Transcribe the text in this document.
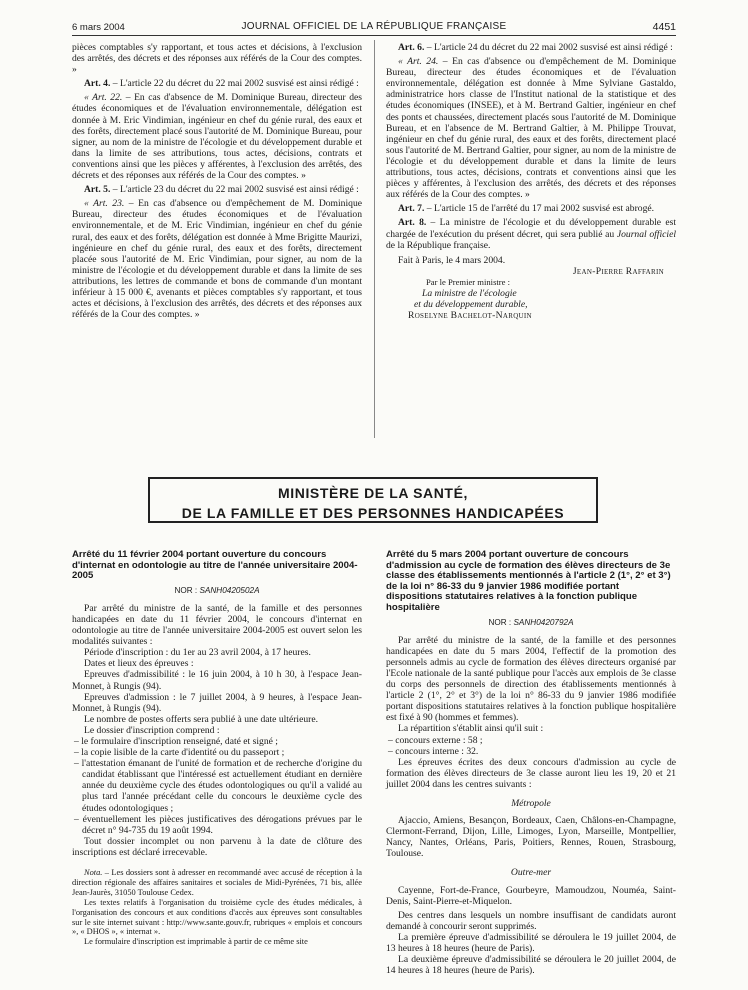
6 mars 2004	JOURNAL OFFICIEL DE LA RÉPUBLIQUE FRANÇAISE	4451

pièces comptables s'y rapportant, et tous actes et décisions, à l'exclusion des arrêtés, des décrets et des réponses aux référés de la Cour des comptes. »

Art. 4. – L'article 22 du décret du 22 mai 2002 susvisé est ainsi rédigé :

« Art. 22. – En cas d'absence de M. Dominique Bureau, directeur des études économiques et de l'évaluation environnementale, délégation est donnée à M. Eric Vindimian, ingénieur en chef du génie rural, des eaux et des forêts, directement placé sous l'autorité de M. Dominique Bureau, pour signer, au nom de la ministre de l'écologie et du développement durable et dans la limite de ses attributions, tous actes, décisions, contrats et conventions ainsi que les pièces y afférentes, à l'exclusion des arrêtés, des décrets et des réponses aux référés de la Cour des comptes. »

Art. 5. – L'article 23 du décret du 22 mai 2002 susvisé est ainsi rédigé :

« Art. 23. – En cas d'absence ou d'empêchement de M. Dominique Bureau, directeur des études économiques et de l'évaluation environnementale, et de M. Eric Vindimian, ingénieur en chef du génie rural, des eaux et des forêts, délégation est donnée à Mme Brigitte Maurizi, ingénieure en chef du génie rural, des eaux et des forêts, directement placée sous l'autorité de M. Eric Vindimian, pour signer, au nom de la ministre de l'écologie et du développement durable et dans la limite de ses attributions, les lettres de commande et bons de commande d'un montant inférieur à 15 000 €, avenants et pièces comptables s'y rapportant, et tous actes et décisions, à l'exclusion des arrêtés, des décrets et des réponses aux référés de la Cour des comptes. »

Art. 6. – L'article 24 du décret du 22 mai 2002 susvisé est ainsi rédigé :

« Art. 24. – En cas d'absence ou d'empêchement de M. Dominique Bureau, directeur des études économiques et de l'évaluation environnementale, délégation est donnée à Mme Sylviane Gastaldo, administratrice hors classe de l'Institut national de la statistique et des études économiques (INSEE), et à M. Bertrand Galtier, ingénieur en chef des ponts et chaussées, directement placés sous l'autorité de M. Dominique Bureau, et en l'absence de M. Bertrand Galtier, à M. Philippe Trouvat, ingénieur en chef du génie rural, des eaux et des forêts, directement placé sous l'autorité de M. Bertrand Galtier, pour signer, au nom de la ministre de l'écologie et du développement durable et dans la limite de leurs attributions, tous actes, décisions, contrats et conventions ainsi que les pièces y afférentes, à l'exclusion des arrêtés, des décrets et des réponses aux référés de la Cour des comptes. »

Art. 7. – L'article 15 de l'arrêté du 17 mai 2002 susvisé est abrogé.

Art. 8. – La ministre de l'écologie et du développement durable est chargée de l'exécution du présent décret, qui sera publié au Journal officiel de la République française.

Fait à Paris, le 4 mars 2004.

Jean-Pierre Raffarin

Par le Premier ministre :

La ministre de l'écologie

et du développement durable,

Roselyne Bachelot-Narquin

MINISTÈRE DE LA SANTÉ,
DE LA FAMILLE ET DES PERSONNES HANDICAPÉES

Arrêté du 11 février 2004 portant ouverture du concours d'internat en odontologie au titre de l'année universitaire 2004-2005

NOR : SANH0420502A

Par arrêté du ministre de la santé, de la famille et des personnes handicapées en date du 11 février 2004, le concours d'internat en odontologie au titre de l'année universitaire 2004-2005 est ouvert selon les modalités suivantes :

Période d'inscription : du 1er au 23 avril 2004, à 17 heures.

Dates et lieux des épreuves :

Epreuves d'admissibilité : le 16 juin 2004, à 10 h 30, à l'espace Jean-Monnet, à Rungis (94).

Epreuves d'admission : le 7 juillet 2004, à 9 heures, à l'espace Jean-Monnet, à Rungis (94).

Le nombre de postes offerts sera publié à une date ultérieure.

Le dossier d'inscription comprend :

– le formulaire d'inscription renseigné, daté et signé ;

– la copie lisible de la carte d'identité ou du passeport ;

– l'attestation émanant de l'unité de formation et de recherche d'origine du candidat établissant que l'intéressé est actuellement étudiant en dernière année du deuxième cycle des études odontologiques ou qu'il a validé au plus tard l'année précédant celle du concours le deuxième cycle des études odontologiques ;

– éventuellement les pièces justificatives des dérogations prévues par le décret n° 94-735 du 19 août 1994.

Tout dossier incomplet ou non parvenu à la date de clôture des inscriptions est déclaré irrecevable.

Nota. – Les dossiers sont à adresser en recommandé avec accusé de réception à la direction régionale des affaires sanitaires et sociales de Midi-Pyrénées, 71 bis, allée Jean-Jaurès, 31050 Toulouse Cedex.

Les textes relatifs à l'organisation du troisième cycle des études médicales, à l'organisation des concours et aux conditions d'accès aux épreuves sont consultables sur le site internet suivant : http://www.sante.gouv.fr, rubriques « emplois et concours », « DHOS », « internat ».

Le formulaire d'inscription est imprimable à partir de ce même site

Arrêté du 5 mars 2004 portant ouverture de concours d'admission au cycle de formation des élèves directeurs de 3e classe des établissements mentionnés à l'article 2 (1°, 2° et 3°) de la loi n° 86-33 du 9 janvier 1986 modifiée portant dispositions statutaires relatives à la fonction publique hospitalière

NOR : SANH0420792A

Par arrêté du ministre de la santé, de la famille et des personnes handicapées en date du 5 mars 2004, l'effectif de la promotion des personnels admis au cycle de formation des élèves directeurs organisé par l'Ecole nationale de la santé publique pour l'accès aux emplois de 3e classe du corps des personnels de direction des établissements mentionnés à l'article 2 (1°, 2° et 3°) de la loi n° 86-33 du 9 janvier 1986 modifiée portant dispositions statutaires relatives à la fonction publique hospitalière est fixé à 90 (hommes et femmes).

La répartition s'établit ainsi qu'il suit :

– concours externe : 58 ;

– concours interne : 32.

Les épreuves écrites des deux concours d'admission au cycle de formation des élèves directeurs de 3e classe auront lieu les 19, 20 et 21 juillet 2004 dans les centres suivants :

Métropole

Ajaccio, Amiens, Besançon, Bordeaux, Caen, Châlons-en-Champagne, Clermont-Ferrand, Dijon, Lille, Limoges, Lyon, Marseille, Montpellier, Nancy, Nantes, Orléans, Paris, Poitiers, Rennes, Rouen, Strasbourg, Toulouse.

Outre-mer

Cayenne, Fort-de-France, Gourbeyre, Mamoudzou, Nouméa, Saint-Denis, Saint-Pierre-et-Miquelon.

Des centres dans lesquels un nombre insuffisant de candidats auront demandé à concourir seront supprimés.

La première épreuve d'admissibilité se déroulera le 19 juillet 2004, de 13 heures à 18 heures (heure de Paris).

La deuxième épreuve d'admissibilité se déroulera le 20 juillet 2004, de 14 heures à 18 heures (heure de Paris).
